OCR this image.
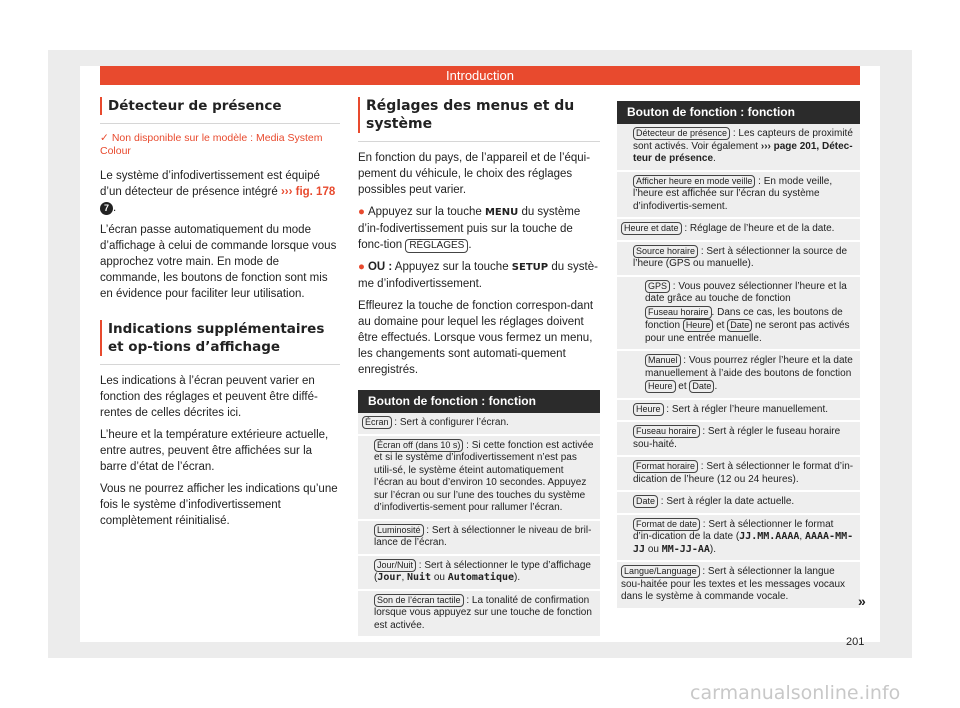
Introduction
Détecteur de présence
✓ Non disponible sur le modèle : Media System Colour

Le système d’infodivertissement est équipé d’un détecteur de présence intégré ››› fig. 178 7 .

L’écran passe automatiquement du mode d’affichage à celui de commande lorsque vous approchez votre main. En mode de commande, les boutons de fonction sont mis en évidence pour faciliter leur utilisation.

Indications supplémentaires et op-tions d’affichage

Les indications à l’écran peuvent varier en fonction des réglages et peuvent être diffé-rentes de celles décrites ici.

L’heure et la température extérieure actuelle, entre autres, peuvent être affichées sur la barre d’état de l’écran.

Vous ne pourrez afficher les indications qu’une fois le système d’infodivertissement complètement réinitialisé.

Réglages des menus et du système

En fonction du pays, de l’appareil et de l’équi-pement du véhicule, le choix des réglages possibles peut varier.

● Appuyez sur la touche MENU du système d’in-fodivertissement puis sur la touche de fonc-tion RÉGLAGES .

● OU : Appuyez sur la touche SETUP du systè-me d’infodivertissement.

Effleurez la touche de fonction correspon-dant au domaine pour lequel les réglages doivent être effectués. Lorsque vous fermez un menu, les changements sont automati-quement enregistrés.

Bouton de fonction : fonction
Écran : Sert à configurer l’écran.
Écran off (dans 10 s) : Si cette fonction est activée et si le système d’infodivertissement n’est pas utili-sé, le système éteint automatiquement l’écran au bout d’environ 10 secondes. Appuyez sur l’écran ou sur l’une des touches du système d’infodivertis-sement pour rallumer l’écran.
Luminosité : Sert à sélectionner le niveau de bril-lance de l’écran.
Jour/Nuit : Sert à sélectionner le type d’affichage (Jour, Nuit ou Automatique).
Son de l’écran tactile : La tonalité de confirmation lorsque vous appuyez sur une touche de fonction est activée.
Bouton de fonction : fonction
Détecteur de présence : Les capteurs de proximité sont activés. Voir également ››› page 201, Détec-teur de présence.
Afficher heure en mode veille : En mode veille, l’heure est affichée sur l’écran du système d’infodivertis-sement.
Heure et date : Réglage de l’heure et de la date.
Source horaire : Sert à sélectionner la source de l’heure (GPS ou manuelle).
GPS : Vous pouvez sélectionner l’heure et la date grâce au touche de fonction Fuseau horaire . Dans ce cas, les boutons de fonction Heure et Date ne seront pas activés pour une entrée manuelle.
Manuel : Vous pourrez régler l’heure et la date manuellement à l’aide des boutons de fonction Heure et Date .
Heure : Sert à régler l’heure manuellement.
Fuseau horaire : Sert à régler le fuseau horaire sou-haité.
Format horaire : Sert à sélectionner le format d’in-dication de l’heure (12 ou 24 heures).
Date : Sert à régler la date actuelle.
Format de date : Sert à sélectionner le format d’in-dication de la date (JJ.MM.AAAA, AAAA-MM-JJ ou MM-JJ-AA).
Langue/Language : Sert à sélectionner la langue sou-haitée pour les textes et les messages vocaux dans le système à commande vocale.	»
201
carmanualsonline.info
